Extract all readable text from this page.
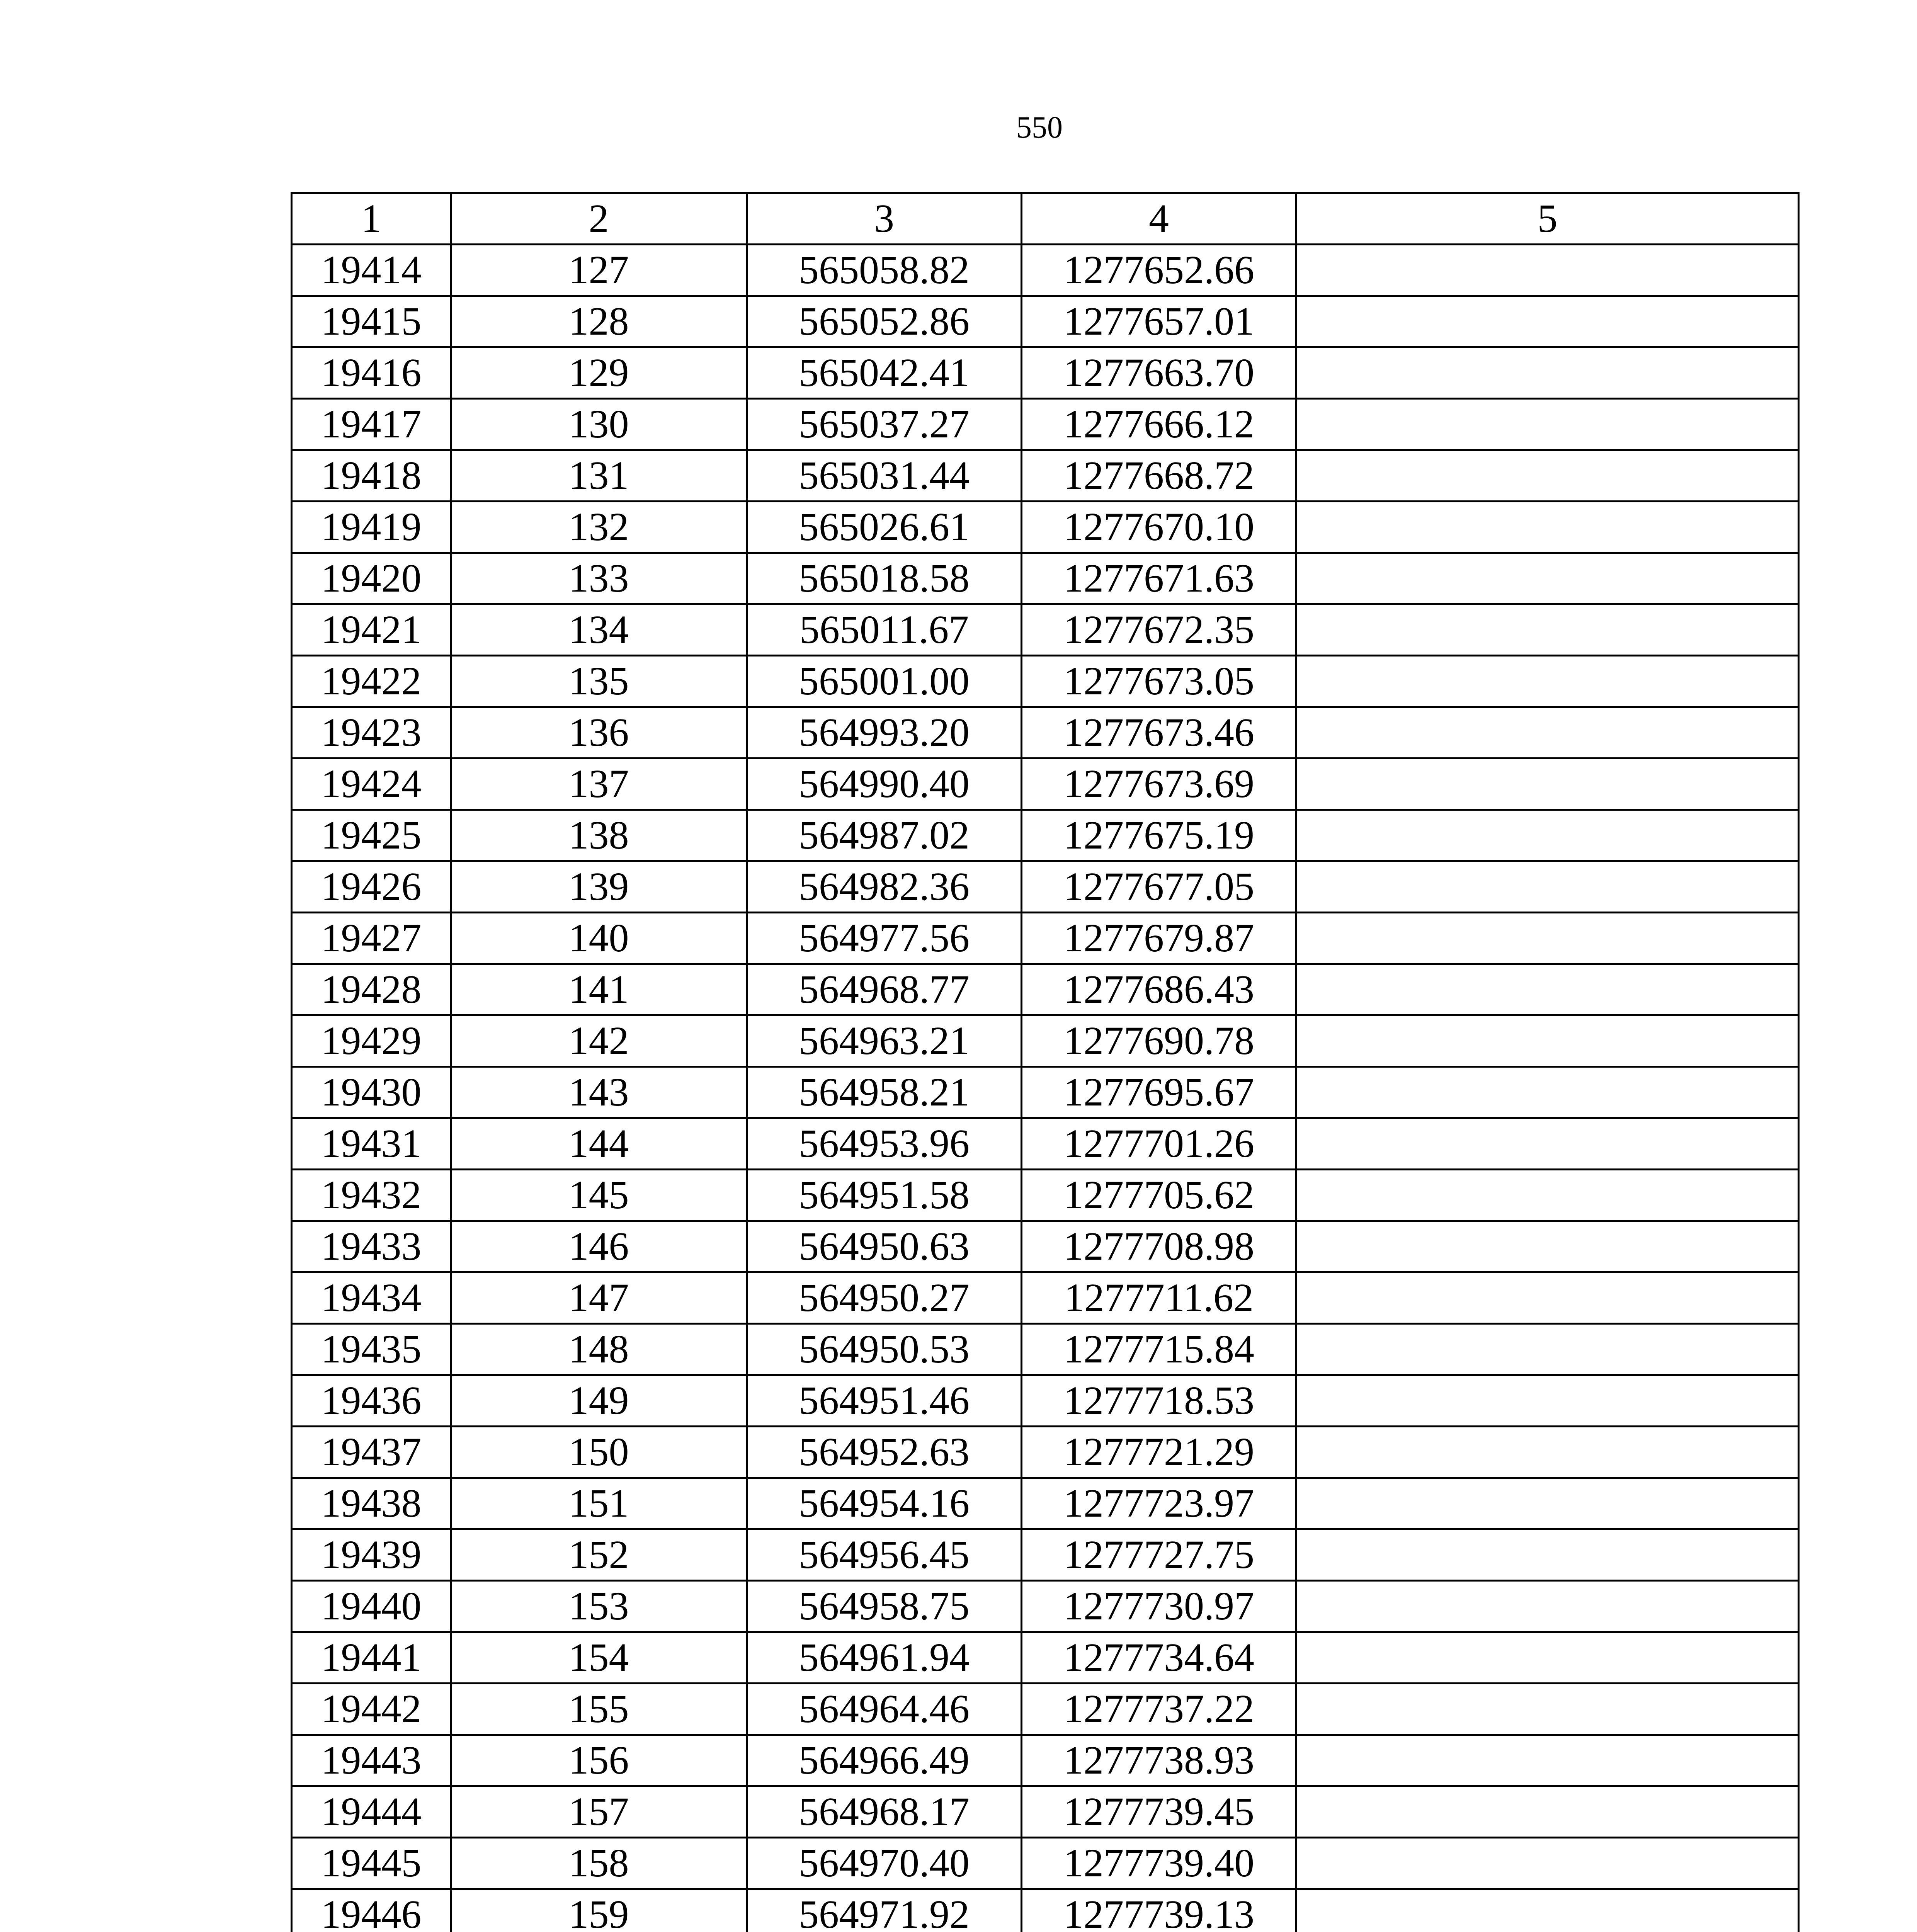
550
1	2	3	4	5
19414	127	565058.82	1277652.66	
19415	128	565052.86	1277657.01	
19416	129	565042.41	1277663.70	
19417	130	565037.27	1277666.12	
19418	131	565031.44	1277668.72	
19419	132	565026.61	1277670.10	
19420	133	565018.58	1277671.63	
19421	134	565011.67	1277672.35	
19422	135	565001.00	1277673.05	
19423	136	564993.20	1277673.46	
19424	137	564990.40	1277673.69	
19425	138	564987.02	1277675.19	
19426	139	564982.36	1277677.05	
19427	140	564977.56	1277679.87	
19428	141	564968.77	1277686.43	
19429	142	564963.21	1277690.78	
19430	143	564958.21	1277695.67	
19431	144	564953.96	1277701.26	
19432	145	564951.58	1277705.62	
19433	146	564950.63	1277708.98	
19434	147	564950.27	1277711.62	
19435	148	564950.53	1277715.84	
19436	149	564951.46	1277718.53	
19437	150	564952.63	1277721.29	
19438	151	564954.16	1277723.97	
19439	152	564956.45	1277727.75	
19440	153	564958.75	1277730.97	
19441	154	564961.94	1277734.64	
19442	155	564964.46	1277737.22	
19443	156	564966.49	1277738.93	
19444	157	564968.17	1277739.45	
19445	158	564970.40	1277739.40	
19446	159	564971.92	1277739.13	
